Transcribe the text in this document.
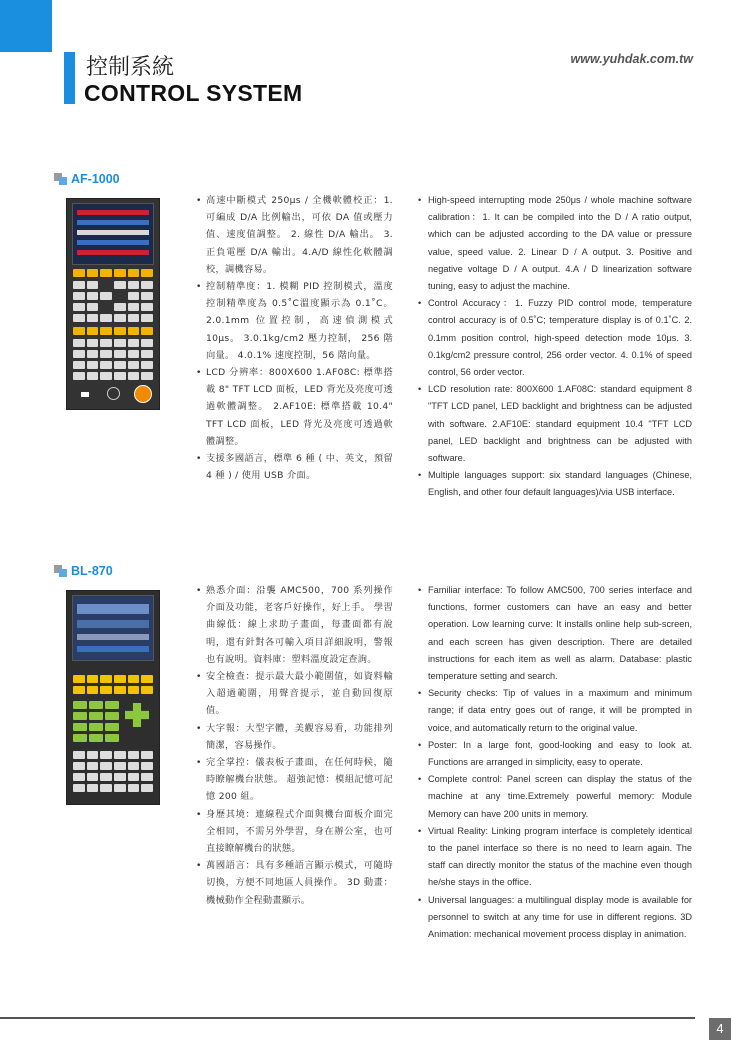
控制系統
CONTROL SYSTEM
www.yuhdak.com.tw
AF-1000
• 高速中斷模式 250μs / 全機軟體校正：1. 可編成 D/A 比例輸出，可依 DA 值或壓力值、速度值調整。 2. 線性 D/A 輸出。 3. 正負電壓 D/A 輸出。4.A/D 線性化軟體調校，調機容易。
• 控制精準度：1. 模糊 PID 控制模式，溫度控制精準度為 0.5˚C溫度顯示為 0.1˚C。 2.0.1mm 位置控制，高速偵測模式 10μs。 3.0.1kg/cm2 壓力控制， 256 階向量。 4.0.1% 速度控制，56 階向量。
• LCD 分辨率：800X600 1.AF08C: 標準搭載 8" TFT LCD 面板，LED 背光及亮度可透過軟體調整。 2.AF10E: 標準搭載 10.4" TFT LCD 面板，LED 背光及亮度可透過軟體調整。
• 支援多國語言，標準 6 種 ( 中、英文，預留 4 種 ) / 使用 USB 介面。
• High-speed interrupting mode 250μs / whole machine software calibration：1. It can be compiled into the D / A ratio output, which can be adjusted according to the DA value or pressure value, speed value. 2. Linear D / A output. 3. Positive and negative voltage D / A output. 4.A / D linearization software tuning, easy to adjust the machine.
• Control Accuracy：1. Fuzzy PID control mode, temperature control accuracy is of 0.5˚C; temperature display is of 0.1˚C. 2. 0.1mm position control, high-speed detection mode 10μs. 3. 0.1kg/cm2 pressure control, 256 order vector. 4. 0.1% of speed control, 56 order vector.
• LCD resolution rate: 800X600 1.AF08C: standard equipment 8 "TFT LCD panel, LED backlight and brightness can be adjusted with software. 2.AF10E: standard equipment 10.4 "TFT LCD panel, LED backlight and brightness can be adjusted with software.
• Multiple languages support: six standard languages (Chinese, English, and other four default languages)/via USB interface.
BL-870
• 熟悉介面：沿襲 AMC500，700 系列操作介面及功能，老客戶好操作，好上手。 學習曲線低：線上求助子畫面，每畫面都有說明，還有針對各可輸入項目詳細說明，警報也有說明。資料庫：塑料溫度設定查詢。
• 安全檢查：提示最大最小範圍值，如資料輸入超過範圍，用聲音提示，並自動回復原值。
• 大字報：大型字體，美觀容易看，功能排列簡潔，容易操作。
• 完全掌控：儀表板子畫面，在任何時候，隨時瞭解機台狀態。 超強記憶：模組記憶可記憶 200 組。
• 身歷其境：連線程式介面與機台面板介面完全相同，不需另外學習，身在辦公室，也可直接瞭解機台的狀態。
• 萬國語言：具有多種語言顯示模式，可隨時切換，方便不同地區人員操作。 3D 動畫：機械動作全程動畫顯示。
• Familiar interface: To follow AMC500, 700 series interface and functions, former customers can have an easy and better operation. Low learning curve: It installs online help sub-screen, and each screen has given description. There are detailed instructions for each item as well as alarm. Database: plastic temperature setting and search.
• Security checks: Tip of values in a maximum and minimum range; if data entry goes out of range, it will be prompted in voice, and automatically return to the original value.
• Poster: In a large font, good-looking and easy to look at. Functions are arranged in simplicity, easy to operate.
• Complete control: Panel screen can display the status of the machine at any time.Extremely powerful memory: Module Memory can have 200 units in memory.
• Virtual Reality: Linking program interface is completely identical to the panel interface so there is no need to learn again. The staff can directly monitor the status of the machine even though he/she stays in the office.
• Universal languages: a multilingual display mode is available for personnel to switch at any time for use in different regions. 3D Animation: mechanical movement process display in animation.
4
